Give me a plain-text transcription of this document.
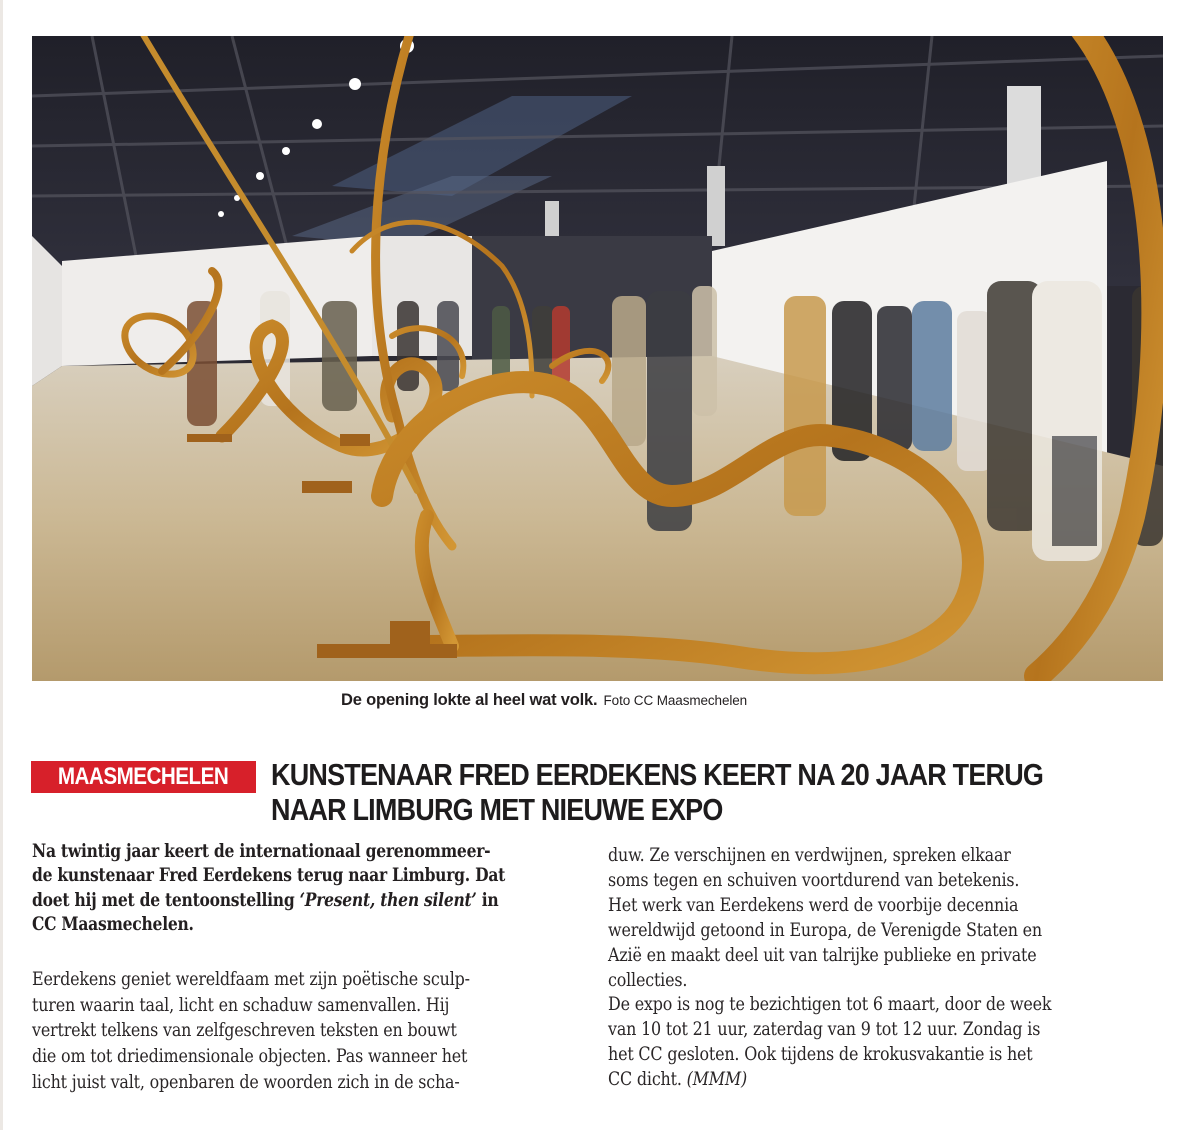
De opening lokte al heel wat volk. Foto CC Maasmechelen
MAASMECHELEN	KUNSTENAAR FRED EERDEKENS KEERT NA 20 JAAR TERUG
NAAR LIMBURG MET NIEUWE EXPO

Na twintig jaar keert de internationaal gerenommeer-
de kunstenaar Fred Eerdekens terug naar Limburg. Dat
doet hij met de tentoonstelling ‘Present, then silent’ in
CC Maasmechelen.

Eerdekens geniet wereldfaam met zijn poëtische sculp-
turen waarin taal, licht en schaduw samenvallen. Hij
vertrekt telkens van zelfgeschreven teksten en bouwt
die om tot driedimensionale objecten. Pas wanneer het
licht juist valt, openbaren de woorden zich in de scha-

duw. Ze verschijnen en verdwijnen, spreken elkaar
soms tegen en schuiven voortdurend van betekenis.
Het werk van Eerdekens werd de voorbije decennia
wereldwijd getoond in Europa, de Verenigde Staten en
Azië en maakt deel uit van talrijke publieke en private
collecties.
De expo is nog te bezichtigen tot 6 maart, door de week
van 10 tot 21 uur, zaterdag van 9 tot 12 uur. Zondag is
het CC gesloten. Ook tijdens de krokusvakantie is het
CC dicht. (MMM)
